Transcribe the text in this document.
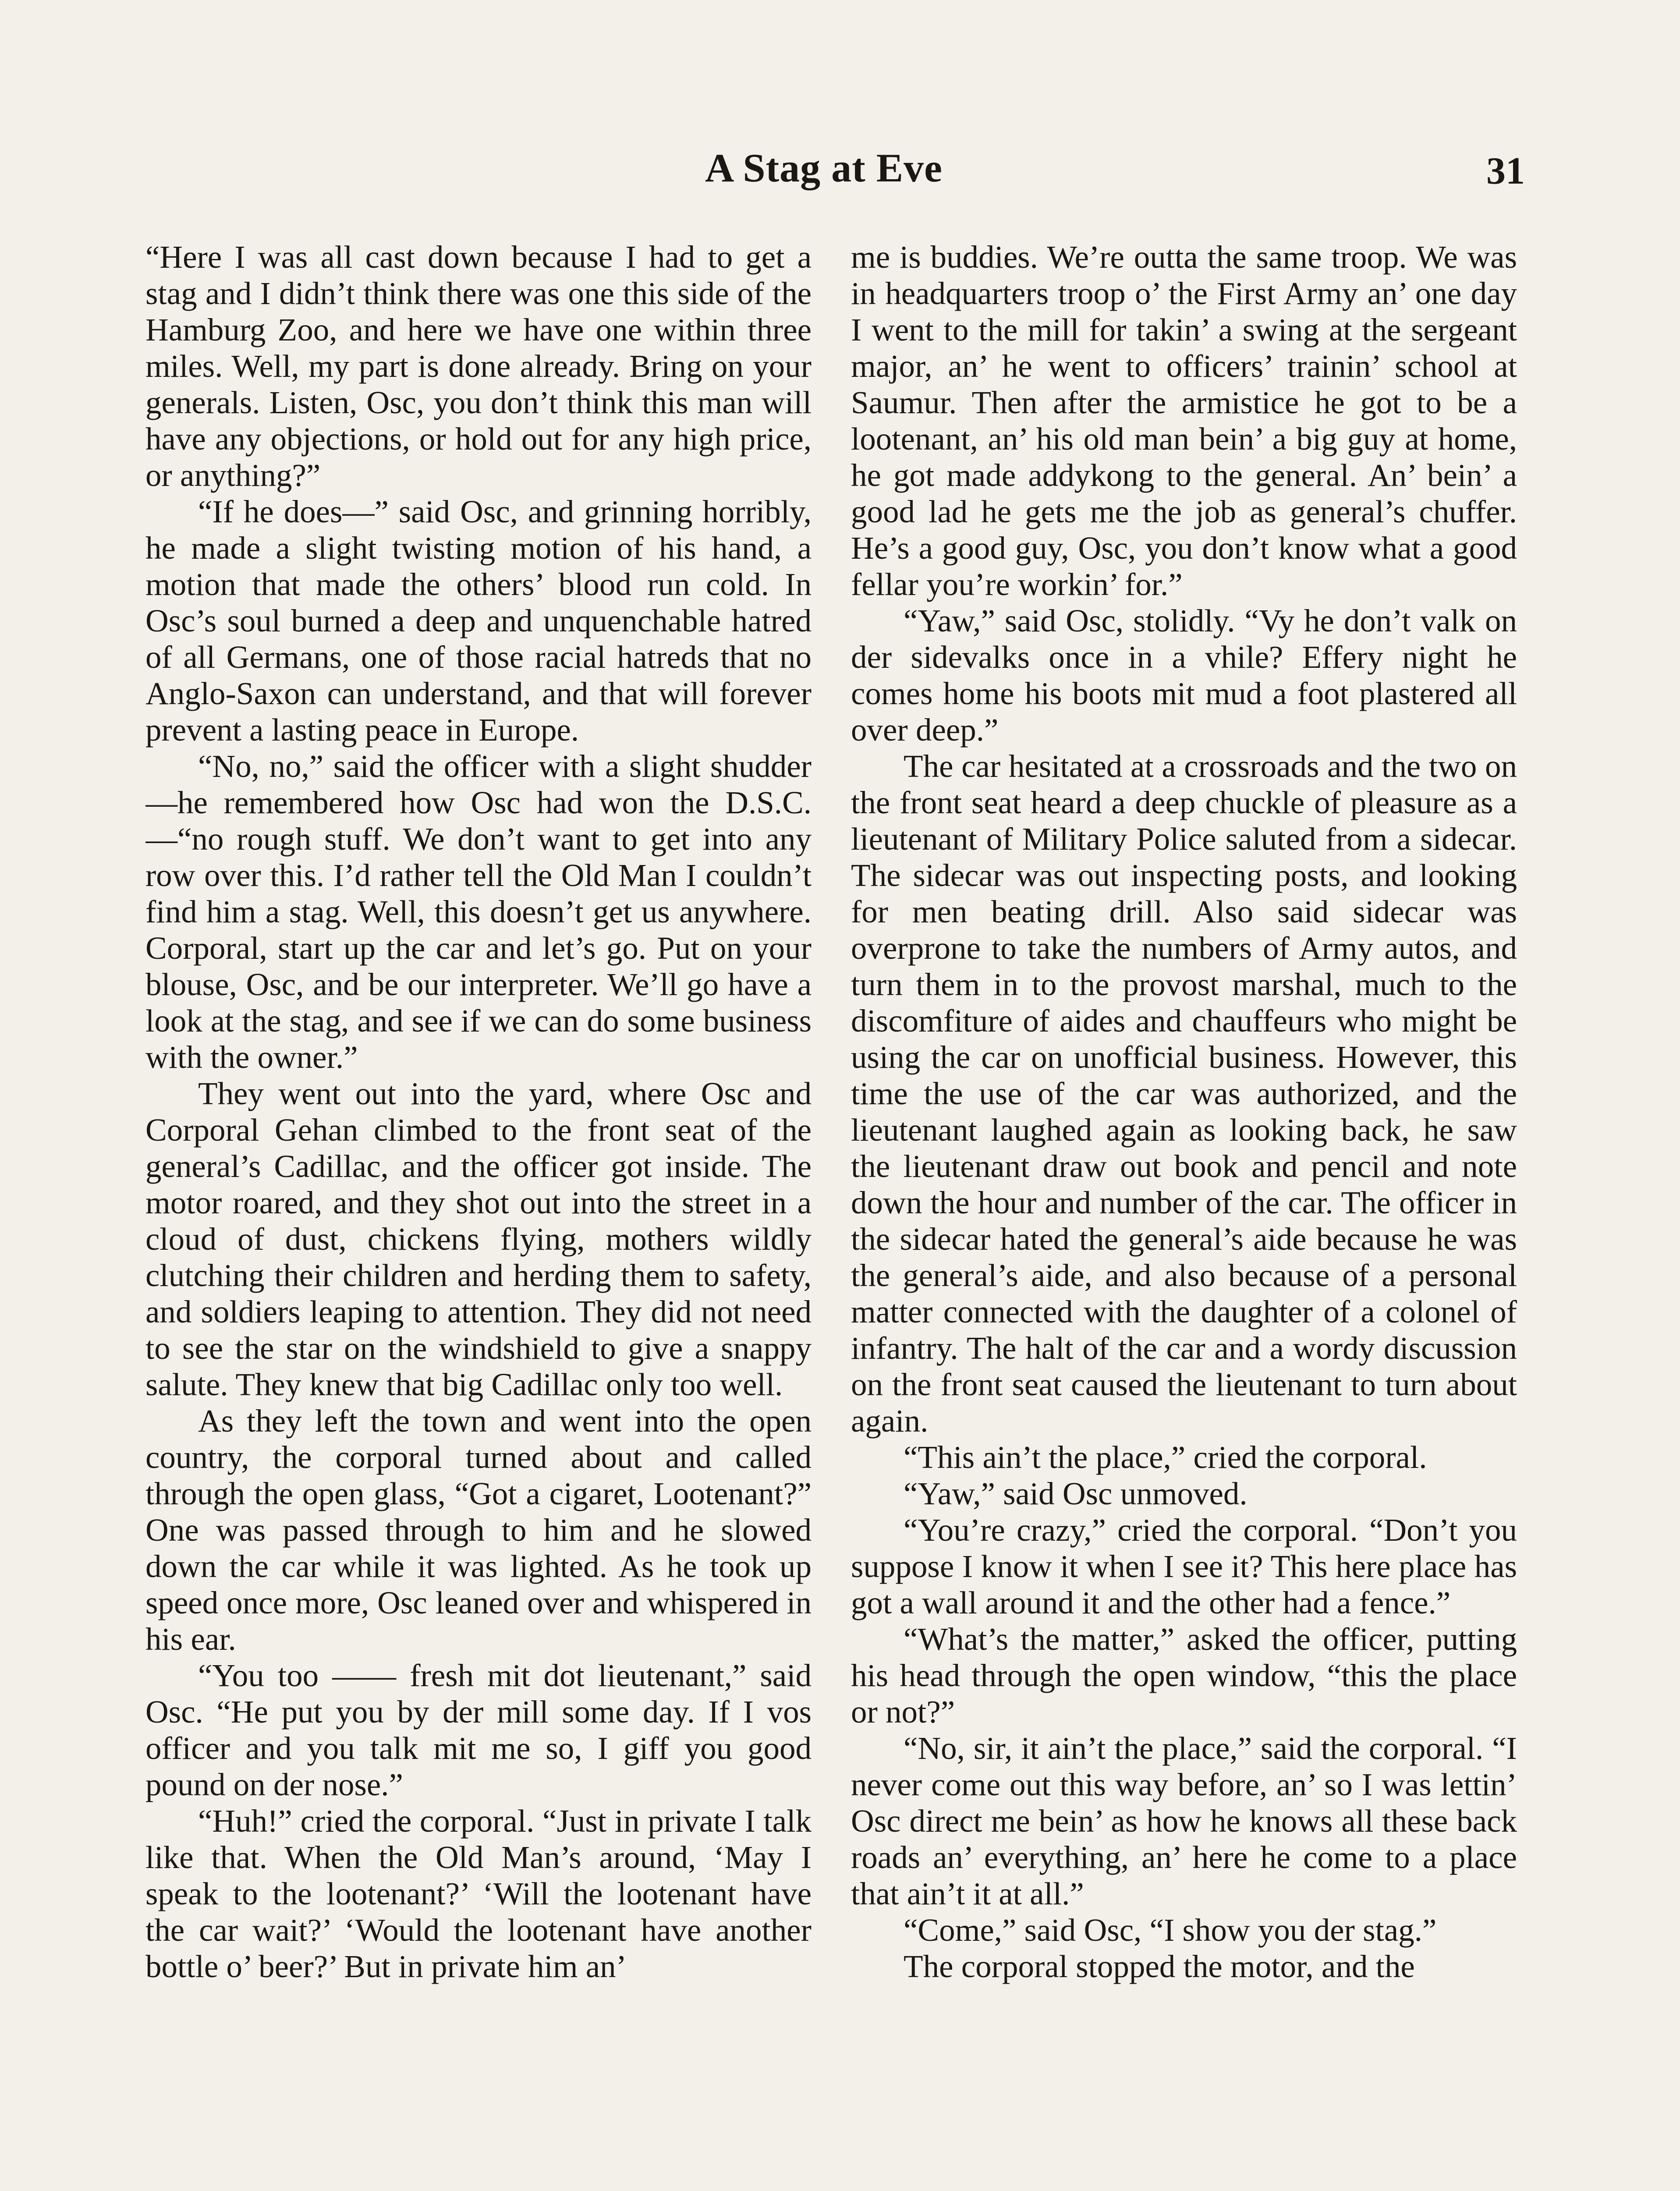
A Stag at Eve	31

“Here I was all cast down because I had to get a stag and I didn’t think there was one this side of the Hamburg Zoo, and here we have one within three miles. Well, my part is done already. Bring on your generals. Listen, Osc, you don’t think this man will have any objections, or hold out for any high price, or anything?”

“If he does—” said Osc, and grinning horribly, he made a slight twisting motion of his hand, a motion that made the others’ blood run cold. In Osc’s soul burned a deep and unquenchable hatred of all Germans, one of those racial hatreds that no Anglo-Saxon can understand, and that will forever prevent a lasting peace in Europe.

“No, no,” said the officer with a slight shudder—he remembered how Osc had won the D.S.C.—“no rough stuff. We don’t want to get into any row over this. I’d rather tell the Old Man I couldn’t find him a stag. Well, this doesn’t get us anywhere. Corporal, start up the car and let’s go. Put on your blouse, Osc, and be our interpreter. We’ll go have a look at the stag, and see if we can do some business with the owner.”

They went out into the yard, where Osc and Corporal Gehan climbed to the front seat of the general’s Cadillac, and the officer got inside. The motor roared, and they shot out into the street in a cloud of dust, chickens flying, mothers wildly clutching their children and herding them to safety, and soldiers leaping to attention. They did not need to see the star on the windshield to give a snappy salute. They knew that big Cadillac only too well.

As they left the town and went into the open country, the corporal turned about and called through the open glass, “Got a cigaret, Lootenant?” One was passed through to him and he slowed down the car while it was lighted. As he took up speed once more, Osc leaned over and whispered in his ear.

“You too —— fresh mit dot lieutenant,” said Osc. “He put you by der mill some day. If I vos officer and you talk mit me so, I giff you good pound on der nose.”

“Huh!” cried the corporal. “Just in private I talk like that. When the Old Man’s around, ‘May I speak to the lootenant?’ ‘Will the lootenant have the car wait?’ ‘Would the lootenant have another bottle o’ beer?’ But in private him an’

me is buddies. We’re outta the same troop. We was in headquarters troop o’ the First Army an’ one day I went to the mill for takin’ a swing at the sergeant major, an’ he went to officers’ trainin’ school at Saumur. Then after the armistice he got to be a lootenant, an’ his old man bein’ a big guy at home, he got made addykong to the general. An’ bein’ a good lad he gets me the job as general’s chuffer. He’s a good guy, Osc, you don’t know what a good fellar you’re workin’ for.”

“Yaw,” said Osc, stolidly. “Vy he don’t valk on der sidevalks once in a vhile? Effery night he comes home his boots mit mud a foot plastered all over deep.”

The car hesitated at a crossroads and the two on the front seat heard a deep chuckle of pleasure as a lieutenant of Military Police saluted from a sidecar. The sidecar was out inspecting posts, and looking for men beating drill. Also said sidecar was overprone to take the numbers of Army autos, and turn them in to the provost marshal, much to the discomfiture of aides and chauffeurs who might be using the car on unofficial business. However, this time the use of the car was authorized, and the lieutenant laughed again as looking back, he saw the lieutenant draw out book and pencil and note down the hour and number of the car. The officer in the sidecar hated the general’s aide because he was the general’s aide, and also because of a personal matter connected with the daughter of a colonel of infantry. The halt of the car and a wordy discussion on the front seat caused the lieutenant to turn about again.

“This ain’t the place,” cried the corporal.

“Yaw,” said Osc unmoved.

“You’re crazy,” cried the corporal. “Don’t you suppose I know it when I see it? This here place has got a wall around it and the other had a fence.”

“What’s the matter,” asked the officer, putting his head through the open window, “this the place or not?”

“No, sir, it ain’t the place,” said the corporal. “I never come out this way before, an’ so I was lettin’ Osc direct me bein’ as how he knows all these back roads an’ everything, an’ here he come to a place that ain’t it at all.”

“Come,” said Osc, “I show you der stag.”

The corporal stopped the motor, and the
